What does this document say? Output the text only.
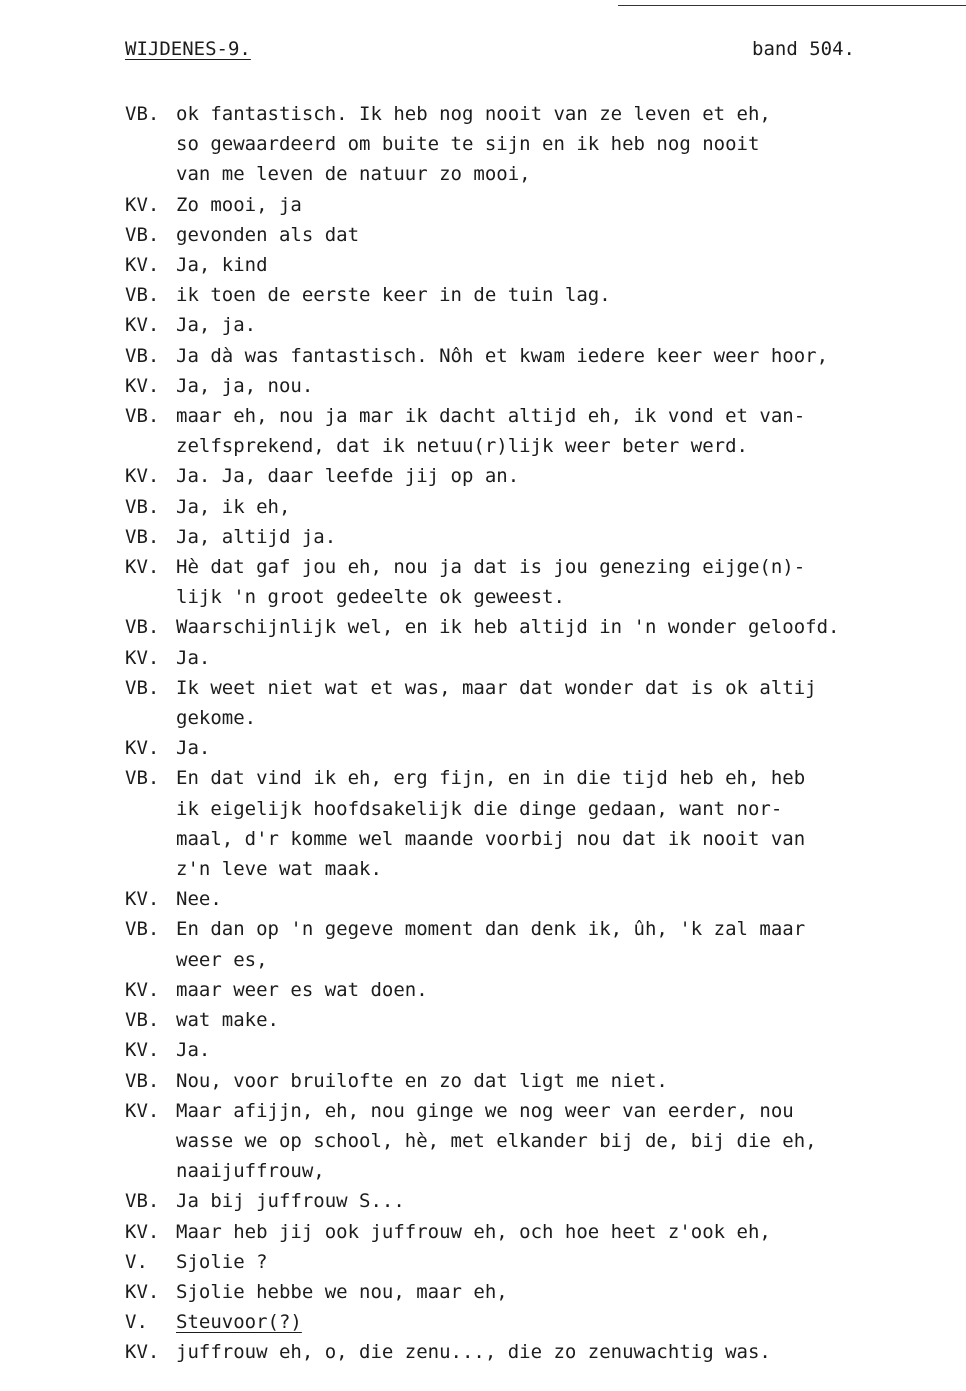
WIJDENES-9.	band 504.
VB. ok fantastisch. Ik heb nog nooit van ze leven et eh,
so gewaardeerd om buite te sijn en ik heb nog nooit
van me leven de natuur zo mooi,
KV. Zo mooi, ja
VB. gevonden als dat
KV. Ja, kind
VB. ik toen de eerste keer in de tuin lag.
KV. Ja, ja.
VB. Ja dà was fantastisch. Nôh et kwam iedere keer weer hoor,
KV. Ja, ja, nou.
VB. maar eh, nou ja mar ik dacht altijd eh, ik vond et van-
zelfsprekend, dat ik netuu(r)lijk weer beter werd.
KV. Ja. Ja, daar leefde jij op an.
VB. Ja, ik eh,
VB. Ja, altijd ja.
KV. Hè dat gaf jou eh, nou ja dat is jou genezing eijge(n)-
lijk 'n groot gedeelte ok geweest.
VB. Waarschijnlijk wel, en ik heb altijd in 'n wonder geloofd.
KV. Ja.
VB. Ik weet niet wat et was, maar dat wonder dat is ok altij
gekome.
KV. Ja.
VB. En dat vind ik eh, erg fijn, en in die tijd heb eh, heb
ik eigelijk hoofdsakelijk die dinge gedaan, want nor-
maal, d'r komme wel maande voorbij nou dat ik nooit van
z'n leve wat maak.
KV. Nee.
VB. En dan op 'n gegeve moment dan denk ik, ûh, 'k zal maar
weer es,
KV. maar weer es wat doen.
VB. wat make.
KV. Ja.
VB. Nou, voor bruilofte en zo dat ligt me niet.
KV. Maar afijjn, eh, nou ginge we nog weer van eerder, nou
wasse we op school, hè, met elkander bij de, bij die eh,
naaijuffrouw,
VB. Ja bij juffrouw S...
KV. Maar heb jij ook juffrouw eh, och hoe heet z'ook eh,
V.	Sjolie ?
KV. Sjolie hebbe we nou, maar eh,
V.	Steuvoor(?)
KV. juffrouw eh, o, die zenu..., die zo zenuwachtig was.
